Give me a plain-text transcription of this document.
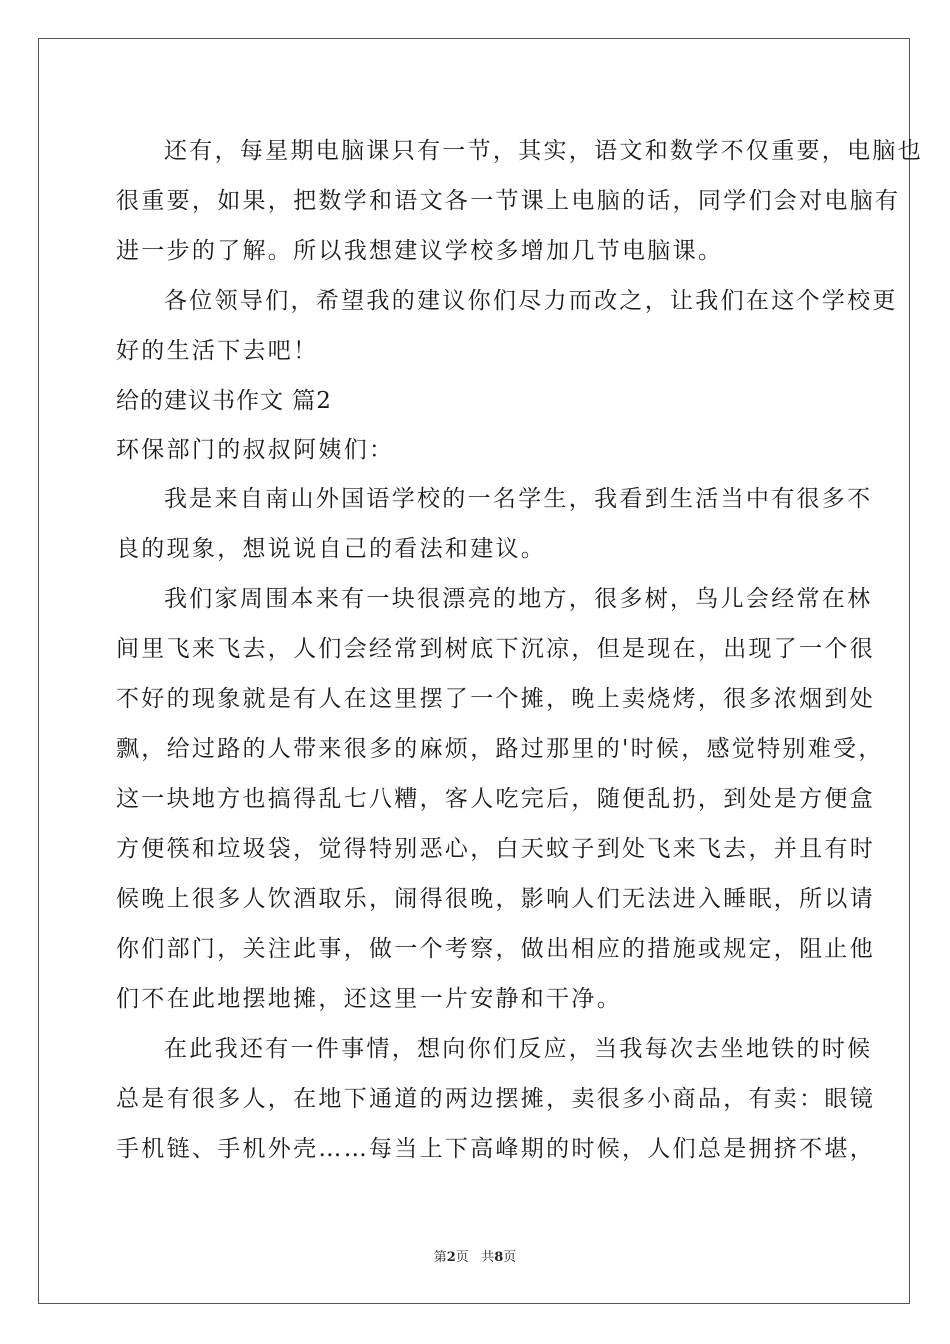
还有，每星期电脑课只有一节，其实，语文和数学不仅重要，电脑也
很重要，如果，把数学和语文各一节课上电脑的话，同学们会对电脑有
进一步的了解。所以我想建议学校多增加几节电脑课。
各位领导们，希望我的建议你们尽力而改之，让我们在这个学校更
好的生活下去吧！
给的建议书作文 篇2
环保部门的叔叔阿姨们：
我是来自南山外国语学校的一名学生，我看到生活当中有很多不
良的现象，想说说自己的看法和建议。
我们家周围本来有一块很漂亮的地方，很多树，鸟儿会经常在林
间里飞来飞去，人们会经常到树底下沉凉，但是现在，出现了一个很
不好的现象就是有人在这里摆了一个摊，晚上卖烧烤，很多浓烟到处
飘，给过路的人带来很多的麻烦，路过那里的'时候，感觉特别难受，
这一块地方也搞得乱七八糟，客人吃完后，随便乱扔，到处是方便盒
方便筷和垃圾袋，觉得特别恶心，白天蚊子到处飞来飞去，并且有时
候晚上很多人饮酒取乐，闹得很晚，影响人们无法进入睡眠，所以请
你们部门，关注此事，做一个考察，做出相应的措施或规定，阻止他
们不在此地摆地摊，还这里一片安静和干净。
在此我还有一件事情，想向你们反应，当我每次去坐地铁的时候
总是有很多人，在地下通道的两边摆摊，卖很多小商品，有卖：眼镜
手机链、手机外壳……每当上下高峰期的时候，人们总是拥挤不堪，
第2页 共8页
